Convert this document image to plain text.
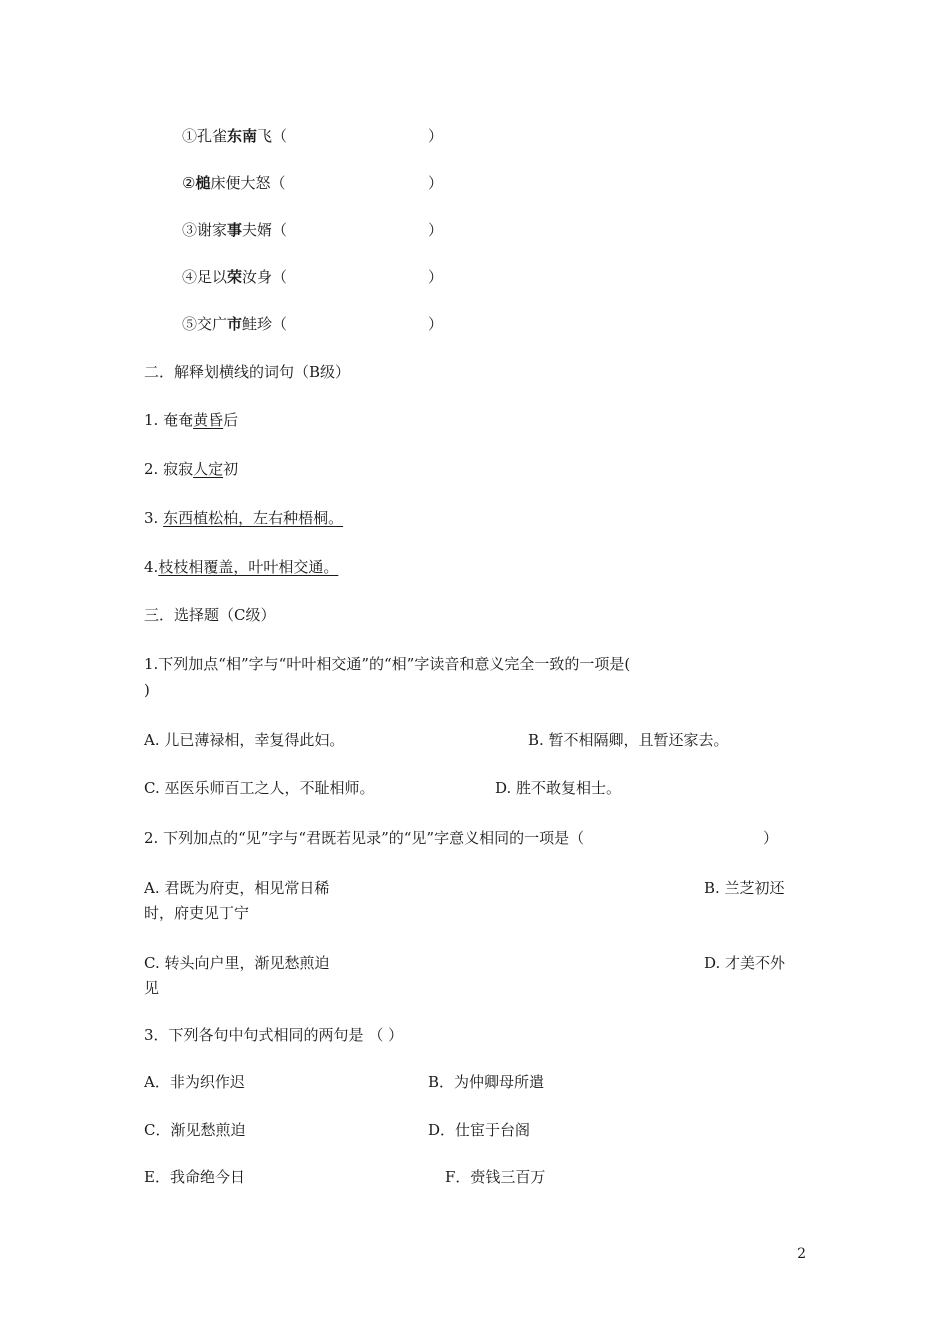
①孔雀东南飞（	）
②槌床便大怒（	）
③谢家事夫婿（	）
④足以荣汝身（	）
⑤交广市鲑珍（	）
二．解释划横线的词句（B级）
1. 奄奄黄昏后
2. 寂寂人定初
3. 东西植松柏，左右种梧桐。
4.枝枝相覆盖，叶叶相交通。
三．选择题（C级）
1.下列加点“相”字与“叶叶相交通”的“相”字读音和意义完全一致的一项是(
)
A. 儿已薄禄相，幸复得此妇。	B. 暂不相隔卿，且暂还家去。
C. 巫医乐师百工之人，不耻相师。	D. 胜不敢复相士。
2. 下列加点的“见”字与“君既若见录”的“见”字意义相同的一项是（	）
A. 君既为府吏，相见常日稀	B. 兰芝初还
时，府吏见丁宁
C. 转头向户里，渐见愁煎迫	D. 才美不外
见
3．下列各句中句式相同的两句是 （ ）
A．非为织作迟	B．为仲卿母所遣
C．渐见愁煎迫	D．仕宦于台阁
E．我命绝今日	F．赍钱三百万
2
